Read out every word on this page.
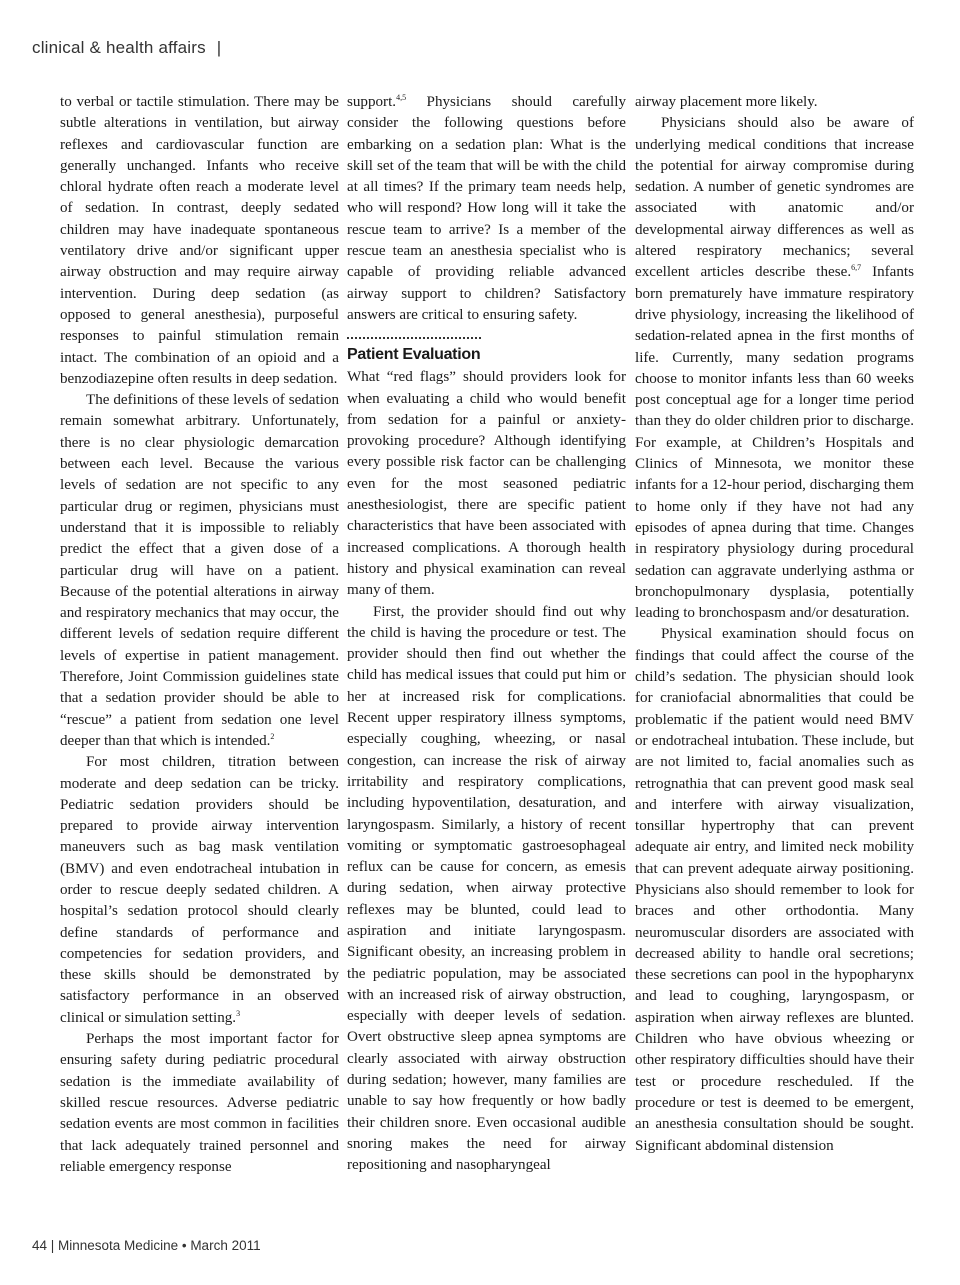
clinical & health affairs |

to verbal or tactile stimulation. There may be subtle alterations in ventilation, but airway reflexes and cardiovascular function are generally unchanged. Infants who receive chloral hydrate often reach a moderate level of sedation. In contrast, deeply sedated children may have inadequate spontaneous ventilatory drive and/or significant upper airway obstruction and may require airway intervention. During deep sedation (as opposed to general anesthesia), purposeful responses to painful stimulation remain intact. The combination of an opioid and a benzodiazepine often results in deep sedation.

The definitions of these levels of sedation remain somewhat arbitrary. Unfortunately, there is no clear physiologic demarcation between each level. Because the various levels of sedation are not specific to any particular drug or regimen, physicians must understand that it is impossible to reliably predict the effect that a given dose of a particular drug will have on a patient. Because of the potential alterations in airway and respiratory mechanics that may occur, the different levels of sedation require different levels of expertise in patient management. Therefore, Joint Commission guidelines state that a sedation provider should be able to “rescue” a patient from sedation one level deeper than that which is intended.$^2$

For most children, titration between moderate and deep sedation can be tricky. Pediatric sedation providers should be prepared to provide airway intervention maneuvers such as bag mask ventilation (BMV) and even endotracheal intubation in order to rescue deeply sedated children. A hospital’s sedation protocol should clearly define standards of performance and competencies for sedation providers, and these skills should be demonstrated by satisfactory performance in an observed clinical or simulation setting.$^3$

Perhaps the most important factor for ensuring safety during pediatric procedural sedation is the immediate availability of skilled rescue resources. Adverse pediatric sedation events are most common in facilities that lack adequately trained personnel and reliable emergency response

support.$^{4,5}$ Physicians should carefully consider the following questions before embarking on a sedation plan: What is the skill set of the team that will be with the child at all times? If the primary team needs help, who will respond? How long will it take the rescue team to arrive? Is a member of the rescue team an anesthesia specialist who is capable of providing reliable advanced airway support to children? Satisfactory answers are critical to ensuring safety.

Patient Evaluation

What “red flags” should providers look for when evaluating a child who would benefit from sedation for a painful or anxiety-provoking procedure? Although identifying every possible risk factor can be challenging even for the most seasoned pediatric anesthesiologist, there are specific patient characteristics that have been associated with increased complications. A thorough health history and physical examination can reveal many of them.

First, the provider should find out why the child is having the procedure or test. The provider should then find out whether the child has medical issues that could put him or her at increased risk for complications. Recent upper respiratory illness symptoms, especially coughing, wheezing, or nasal congestion, can increase the risk of airway irritability and respiratory complications, including hypoventilation, desaturation, and laryngospasm. Similarly, a history of recent vomiting or symptomatic gastroesophageal reflux can be cause for concern, as emesis during sedation, when airway protective reflexes may be blunted, could lead to aspiration and initiate laryngospasm. Significant obesity, an increasing problem in the pediatric population, may be associated with an increased risk of airway obstruction, especially with deeper levels of sedation. Overt obstructive sleep apnea symptoms are clearly associated with airway obstruction during sedation; however, many families are unable to say how frequently or how badly their children snore. Even occasional audible snoring makes the need for airway repositioning and nasopharyngeal

airway placement more likely.

Physicians should also be aware of underlying medical conditions that increase the potential for airway compromise during sedation. A number of genetic syndromes are associated with anatomic and/or developmental airway differences as well as altered respiratory mechanics; several excellent articles describe these.$^{6,7}$ Infants born prematurely have immature respiratory drive physiology, increasing the likelihood of sedation-related apnea in the first months of life. Currently, many sedation programs choose to monitor infants less than 60 weeks post conceptual age for a longer time period than they do older children prior to discharge. For example, at Children’s Hospitals and Clinics of Minnesota, we monitor these infants for a 12-hour period, discharging them to home only if they have not had any episodes of apnea during that time. Changes in respiratory physiology during procedural sedation can aggravate underlying asthma or bronchopulmonary dysplasia, potentially leading to bronchospasm and/or desaturation.

Physical examination should focus on findings that could affect the course of the child’s sedation. The physician should look for craniofacial abnormalities that could be problematic if the patient would need BMV or endotracheal intubation. These include, but are not limited to, facial anomalies such as retrognathia that can prevent good mask seal and interfere with airway visualization, tonsillar hypertrophy that can prevent adequate air entry, and limited neck mobility that can prevent adequate airway positioning. Physicians also should remember to look for braces and other orthodontia. Many neuromuscular disorders are associated with decreased ability to handle oral secretions; these secretions can pool in the hypopharynx and lead to coughing, laryngospasm, or aspiration when airway reflexes are blunted. Children who have obvious wheezing or other respiratory difficulties should have their test or procedure rescheduled. If the procedure or test is deemed to be emergent, an anesthesia consultation should be sought. Significant abdominal distension

44 | Minnesota Medicine • March 2011
